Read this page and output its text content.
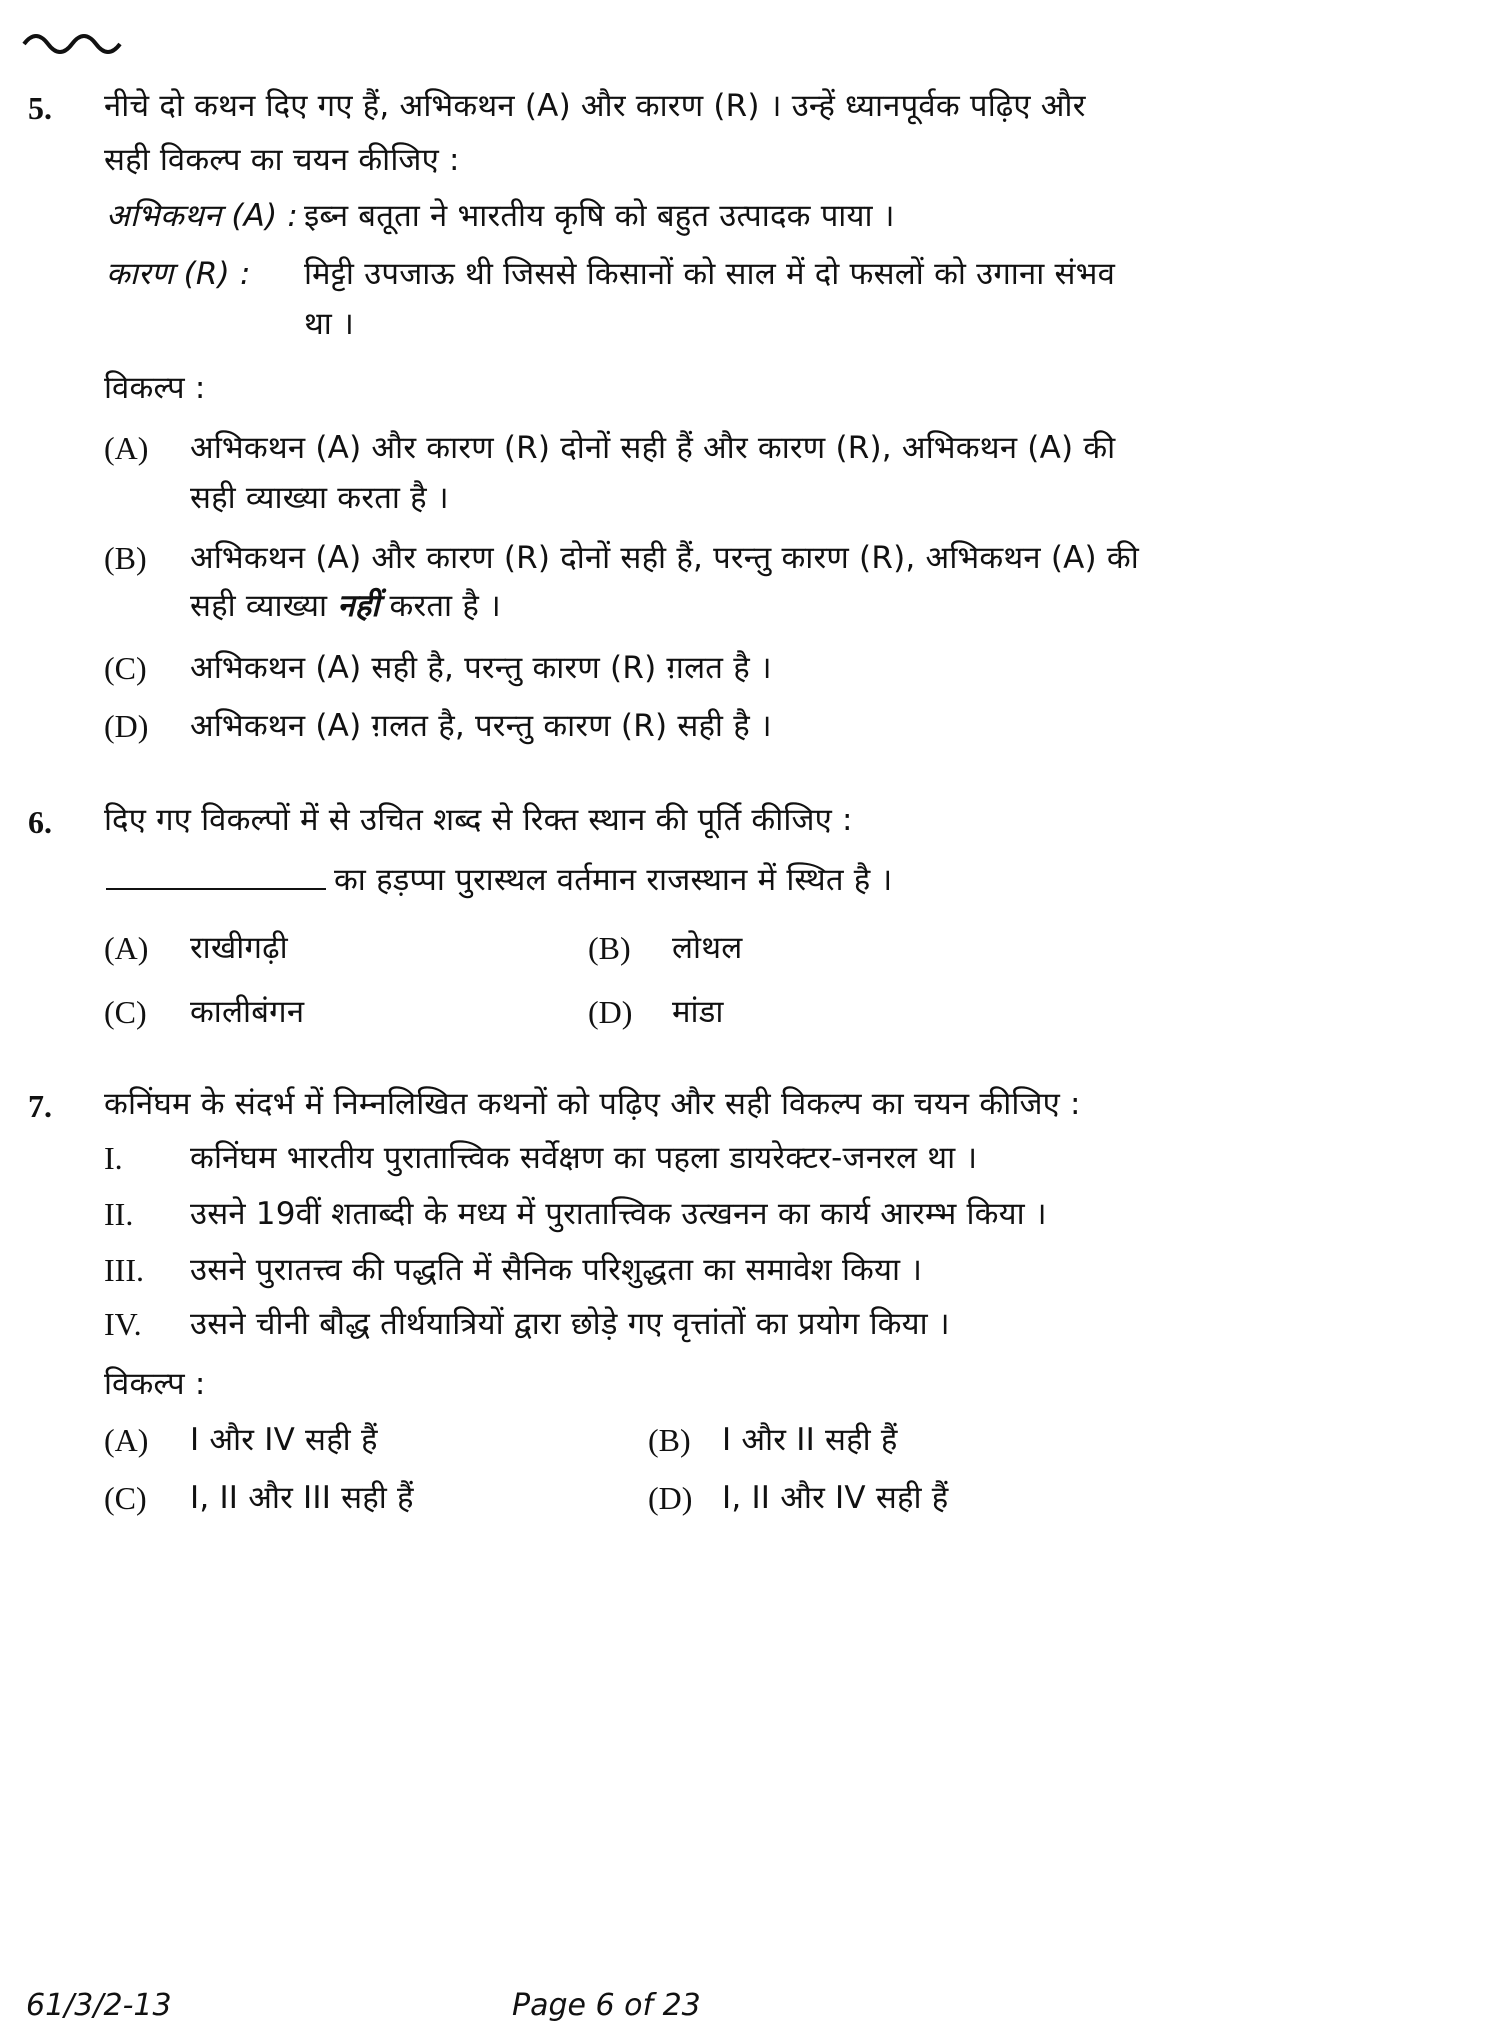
5. नीचे दो कथन दिए गए हैं, अभिकथन (A) और कारण (R) । उन्हें ध्यानपूर्वक पढ़िए और
सही विकल्प का चयन कीजिए :
अभिकथन (A) : इब्न बतूता ने भारतीय कृषि को बहुत उत्पादक पाया ।
कारण (R) : मिट्टी उपजाऊ थी जिससे किसानों को साल में दो फसलों को उगाना संभव
था ।
विकल्प :
(A) अभिकथन (A) और कारण (R) दोनों सही हैं और कारण (R), अभिकथन (A) की
सही व्याख्या करता है ।
(B) अभिकथन (A) और कारण (R) दोनों सही हैं, परन्तु कारण (R), अभिकथन (A) की
सही व्याख्या नहीं करता है ।
(C) अभिकथन (A) सही है, परन्तु कारण (R) ग़लत है ।
(D) अभिकथन (A) ग़लत है, परन्तु कारण (R) सही है ।
6. दिए गए विकल्पों में से उचित शब्द से रिक्त स्थान की पूर्ति कीजिए :
का हड़प्पा पुरास्थल वर्तमान राजस्थान में स्थित है ।
(A) राखीगढ़ी	(B) लोथल
(C) कालीबंगन	(D) मांडा
7. कनिंघम के संदर्भ में निम्नलिखित कथनों को पढ़िए और सही विकल्प का चयन कीजिए :
I. कनिंघम भारतीय पुरातात्त्विक सर्वेक्षण का पहला डायरेक्टर-जनरल था ।
II. उसने 19वीं शताब्दी के मध्य में पुरातात्त्विक उत्खनन का कार्य आरम्भ किया ।
III. उसने पुरातत्त्व की पद्धति में सैनिक परिशुद्धता का समावेश किया ।
IV. उसने चीनी बौद्ध तीर्थयात्रियों द्वारा छोड़े गए वृत्तांतों का प्रयोग किया ।
विकल्प :
(A) I और IV सही हैं	(B) I और II सही हैं
(C) I, II और III सही हैं	(D) I, II और IV सही हैं
61/3/2-13	Page 6 of 23
